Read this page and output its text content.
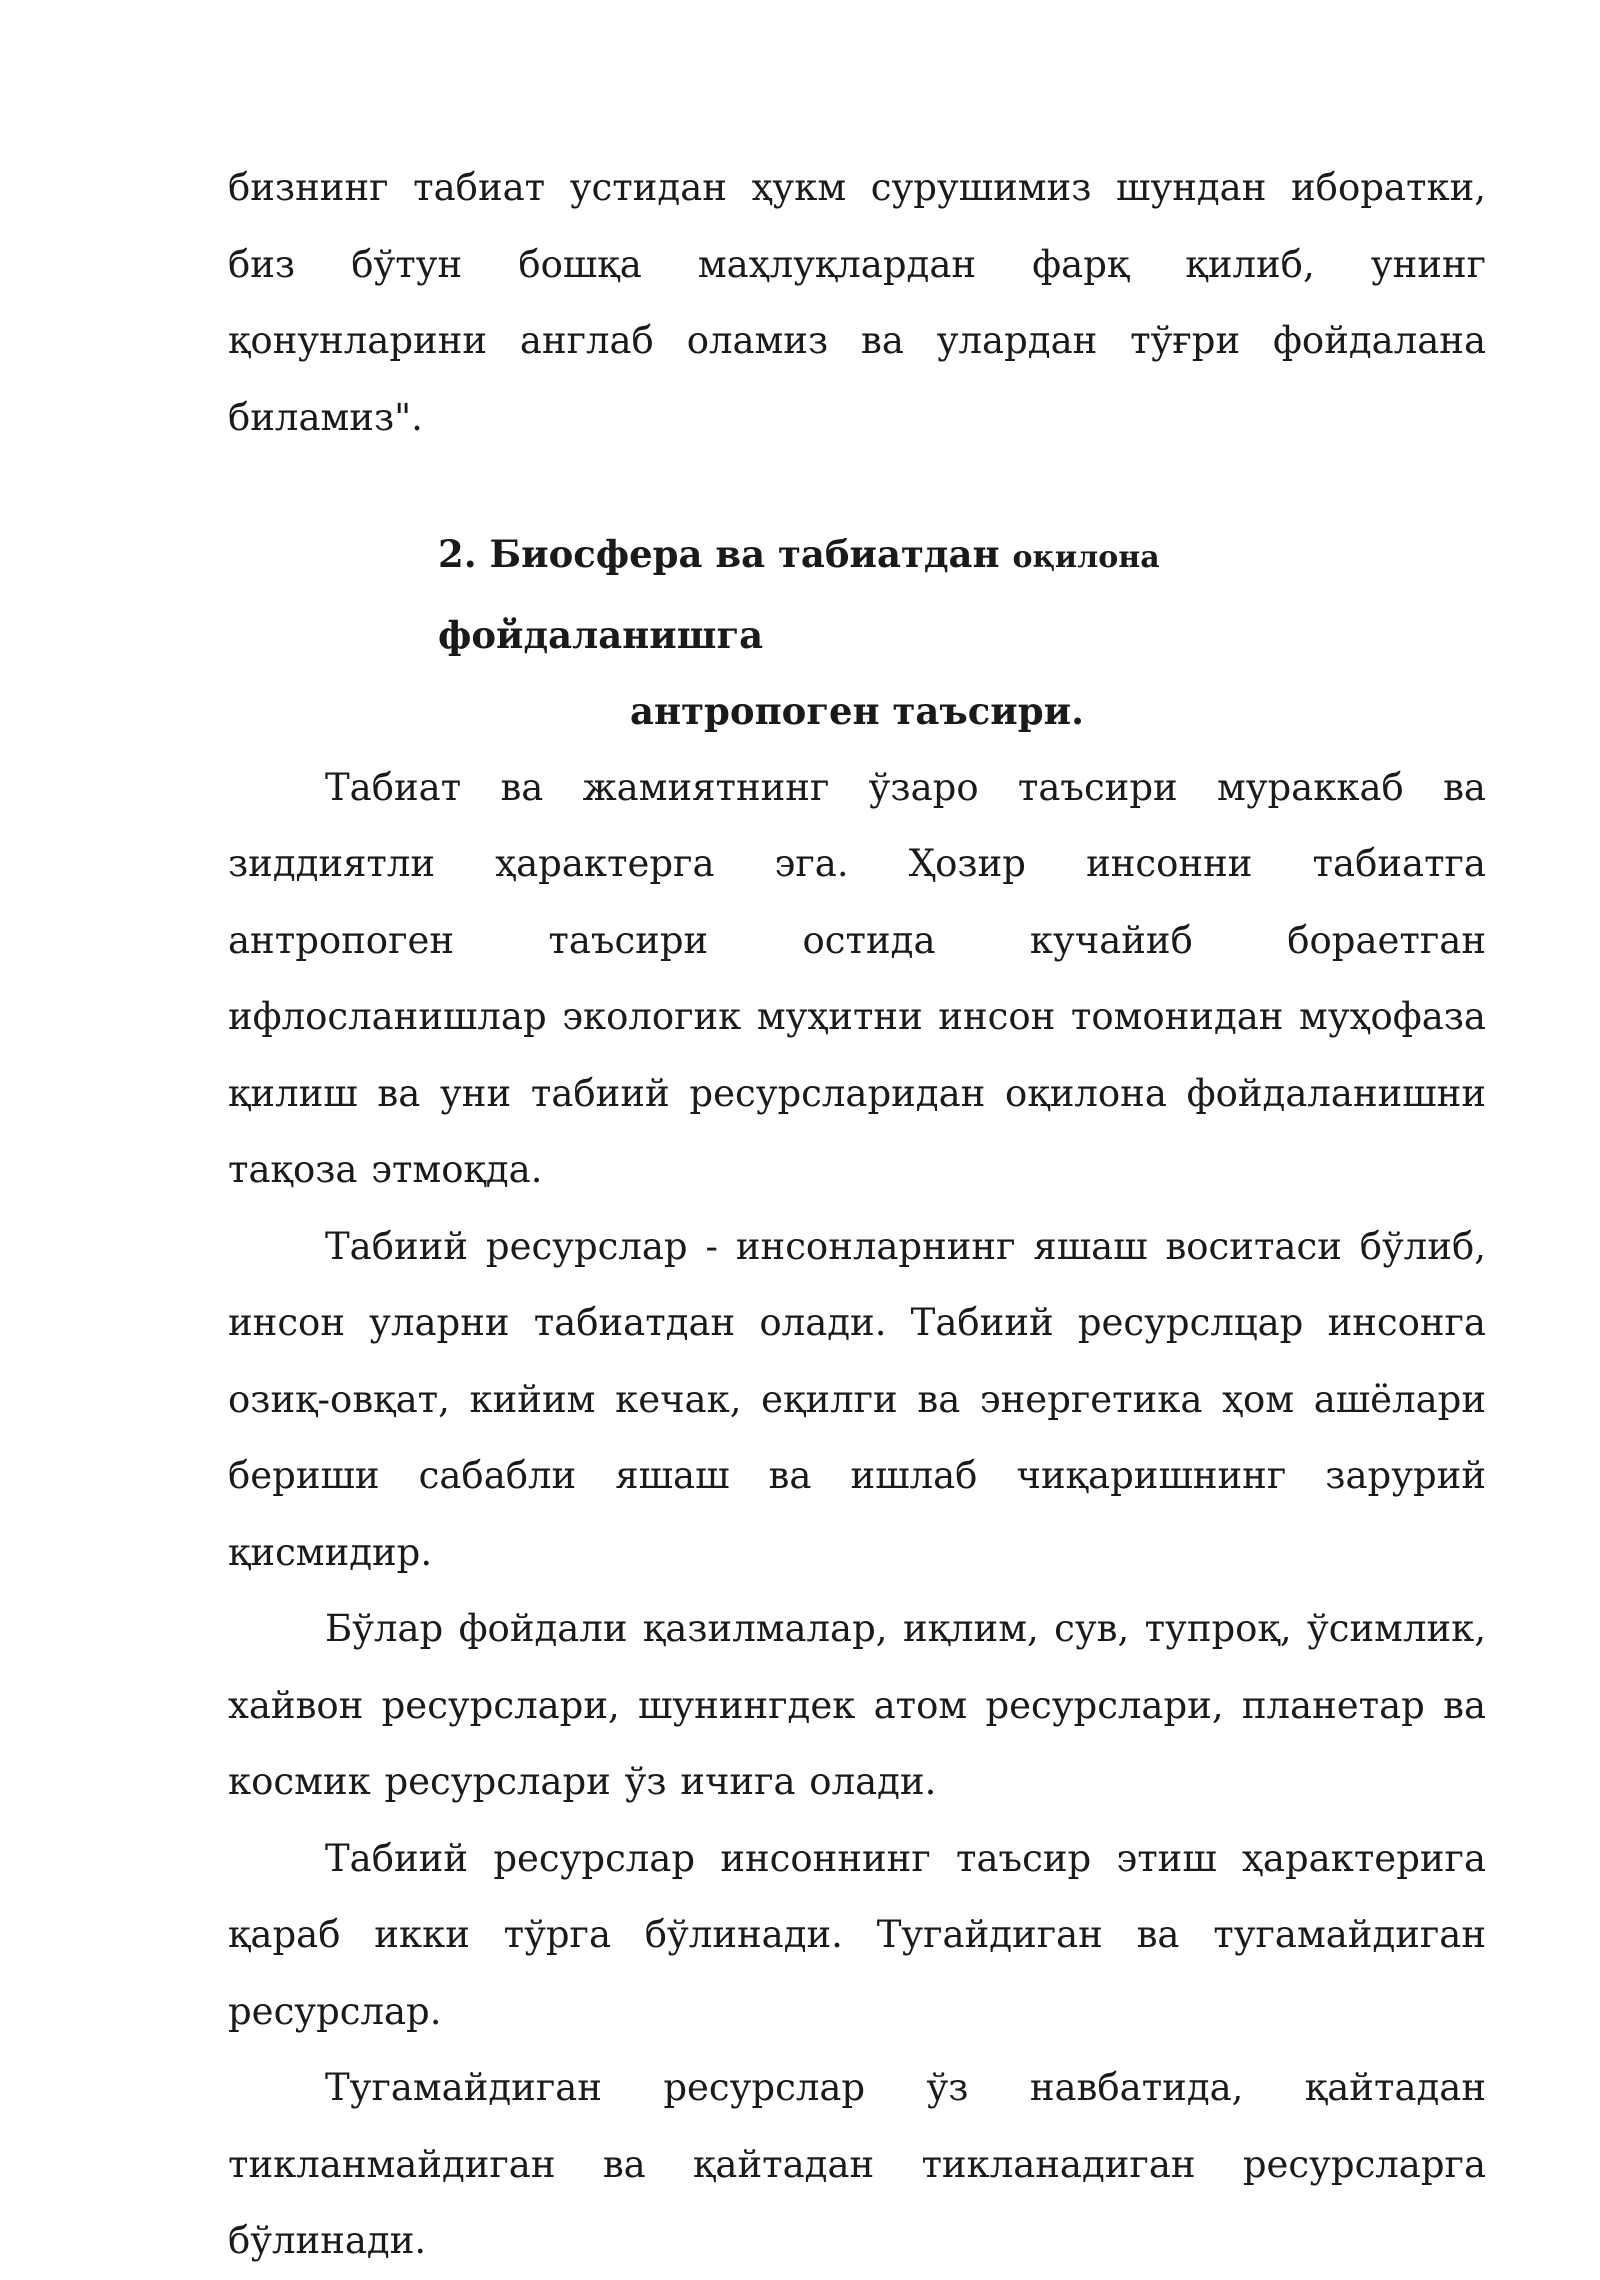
бизнинг табиат устидан ҳукм сурушимиз шундан иборатки, биз бўтун бошқа маҳлуқлардан фарқ қилиб, унинг қонунларини англаб оламиз ва улардан тўғри фойдалана биламиз".

2. Биосфера ва табиатдан оқилона фойдаланишга
антропоген таъсири.

Табиат ва жамиятнинг ўзаро таъсири мураккаб ва зиддиятли ҳарактерга эга. Ҳозир инсонни табиатга антропоген таъсири остида кучайиб бораетган ифлосланишлар экологик муҳитни инсон томонидан муҳофаза қилиш ва уни табиий ресурсларидан оқилона фойдаланишни тақоза этмоқда.

Табиий ресурслар - инсонларнинг яшаш воситаси бўлиб, инсон уларни табиатдан олади. Табиий ресурслцар инсонга озиқ-овқат, кийим кечак, еқилги ва энергетика ҳом ашёлари бериши сабабли яшаш ва ишлаб чиқаришнинг зарурий қисмидир.

Бўлар фойдали қазилмалар, иқлим, сув, тупроқ, ўсимлик, хайвон ресурслари, шунингдек атом ресурслари, планетар ва космик ресурслари ўз ичига олади.

Табиий ресурслар инсоннинг таъсир этиш ҳарактерига қараб икки тўрга бўлинади. Тугайдиган ва тугамайдиган ресурслар.

Тугамайдиган ресурслар ўз навбатида, қайтадан тикланмайдиган ва қайтадан тикланадиган ресурсларга бўлинади.
